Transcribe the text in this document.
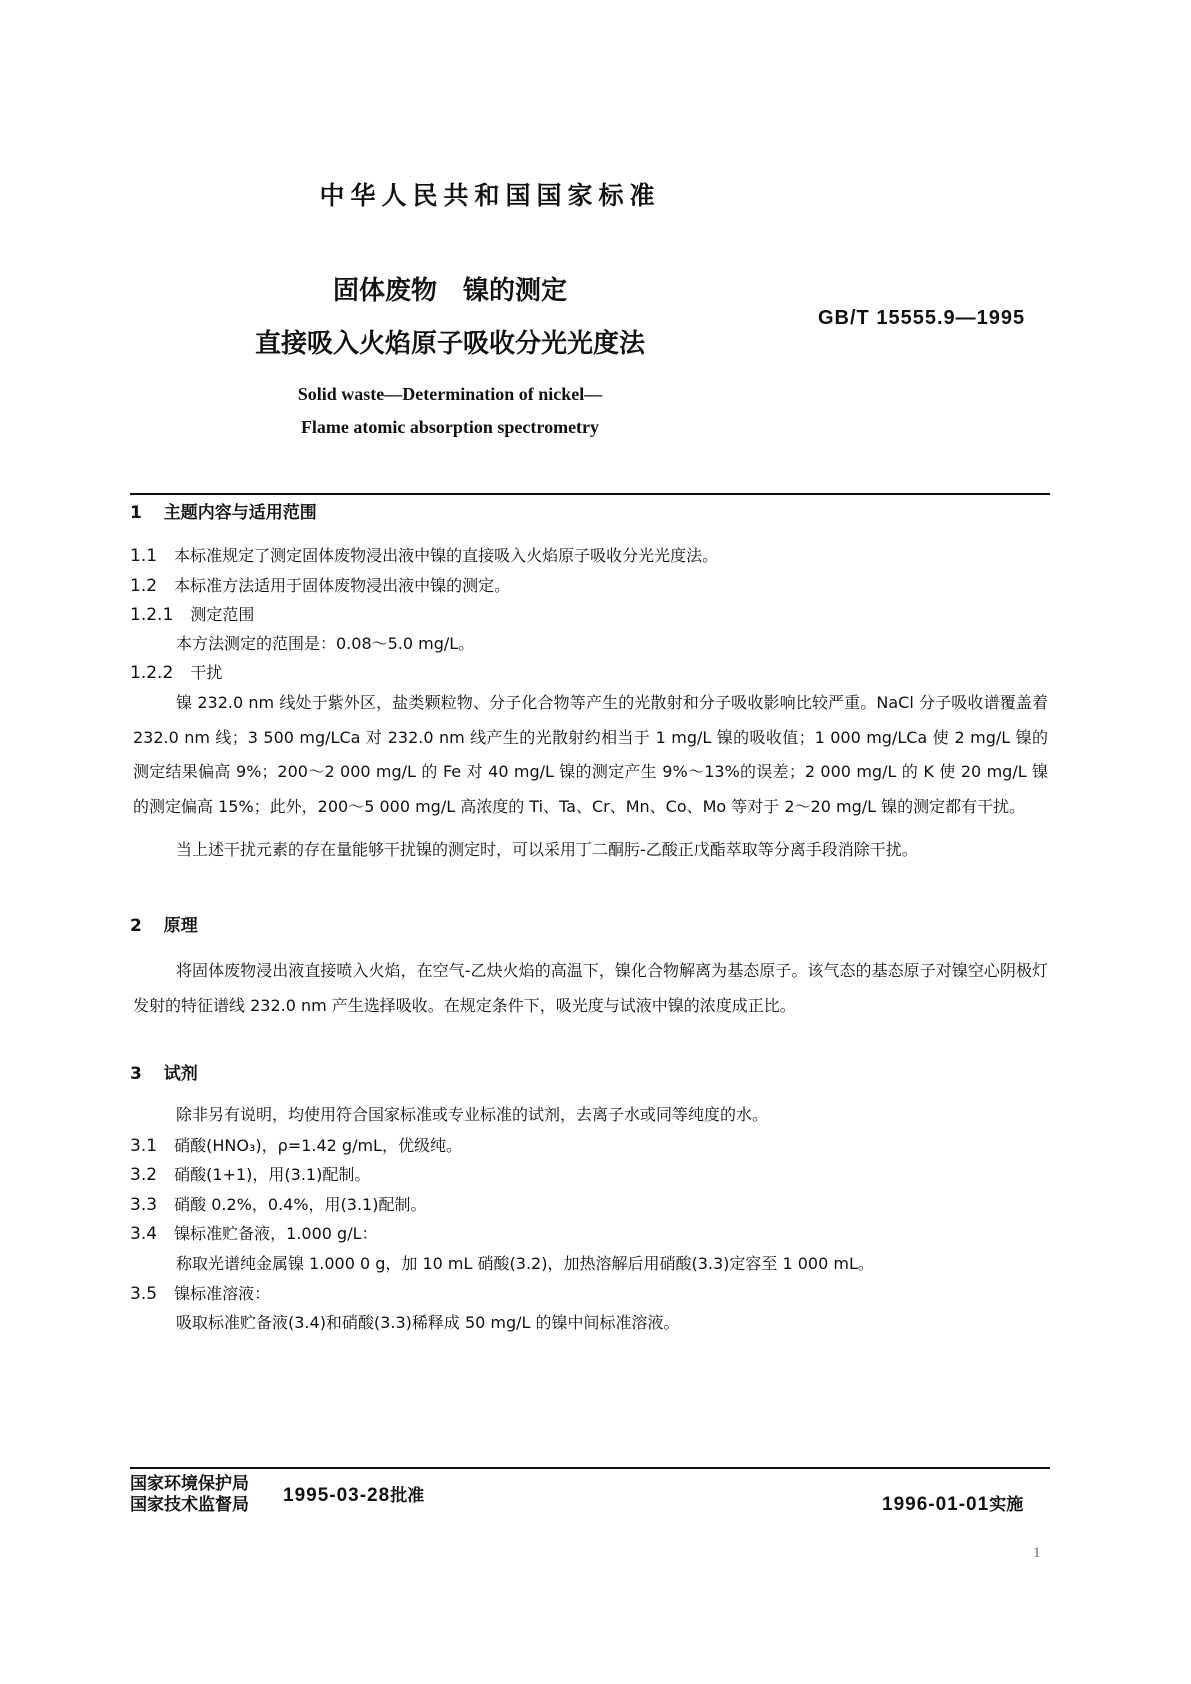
中华人民共和国国家标准
固体废物　镍的测定
直接吸入火焰原子吸收分光光度法
GB/T 15555.9—1995
Solid waste—Determination of nickel—
Flame atomic absorption spectrometry
1 主题内容与适用范围
1.1 本标准规定了测定固体废物浸出液中镍的直接吸入火焰原子吸收分光光度法。
1.2 本标准方法适用于固体废物浸出液中镍的测定。
1.2.1 测定范围
本方法测定的范围是：0.08～5.0 mg/L。
1.2.2 干扰
镍 232.0 nm 线处于紫外区，盐类颗粒物、分子化合物等产生的光散射和分子吸收影响比较严重。NaCl 分子吸收谱覆盖着 232.0 nm 线；3 500 mg/LCa 对 232.0 nm 线产生的光散射约相当于 1 mg/L 镍的吸收值；1 000 mg/LCa 使 2 mg/L 镍的测定结果偏高 9%；200～2 000 mg/L 的 Fe 对 40 mg/L 镍的测定产生 9%～13%的误差；2 000 mg/L 的 K 使 20 mg/L 镍的测定偏高 15%；此外，200～5 000 mg/L 高浓度的 Ti、Ta、Cr、Mn、Co、Mo 等对于 2～20 mg/L 镍的测定都有干扰。
当上述干扰元素的存在量能够干扰镍的测定时，可以采用丁二酮肟-乙酸正戊酯萃取等分离手段消除干扰。
2 原理
将固体废物浸出液直接喷入火焰，在空气-乙炔火焰的高温下，镍化合物解离为基态原子。该气态的基态原子对镍空心阴极灯发射的特征谱线 232.0 nm 产生选择吸收。在规定条件下，吸光度与试液中镍的浓度成正比。
3 试剂
除非另有说明，均使用符合国家标准或专业标准的试剂，去离子水或同等纯度的水。
3.1 硝酸(HNO₃)，ρ=1.42 g/mL，优级纯。
3.2 硝酸(1+1)，用(3.1)配制。
3.3 硝酸 0.2%，0.4%，用(3.1)配制。
3.4 镍标准贮备液，1.000 g/L：
称取光谱纯金属镍 1.000 0 g，加 10 mL 硝酸(3.2)，加热溶解后用硝酸(3.3)定容至 1 000 mL。
3.5 镍标准溶液：
吸取标准贮备液(3.4)和硝酸(3.3)稀释成 50 mg/L 的镍中间标准溶液。
国家环境保护局
国家技术监督局 1995-03-28批准	1996-01-01实施
1
